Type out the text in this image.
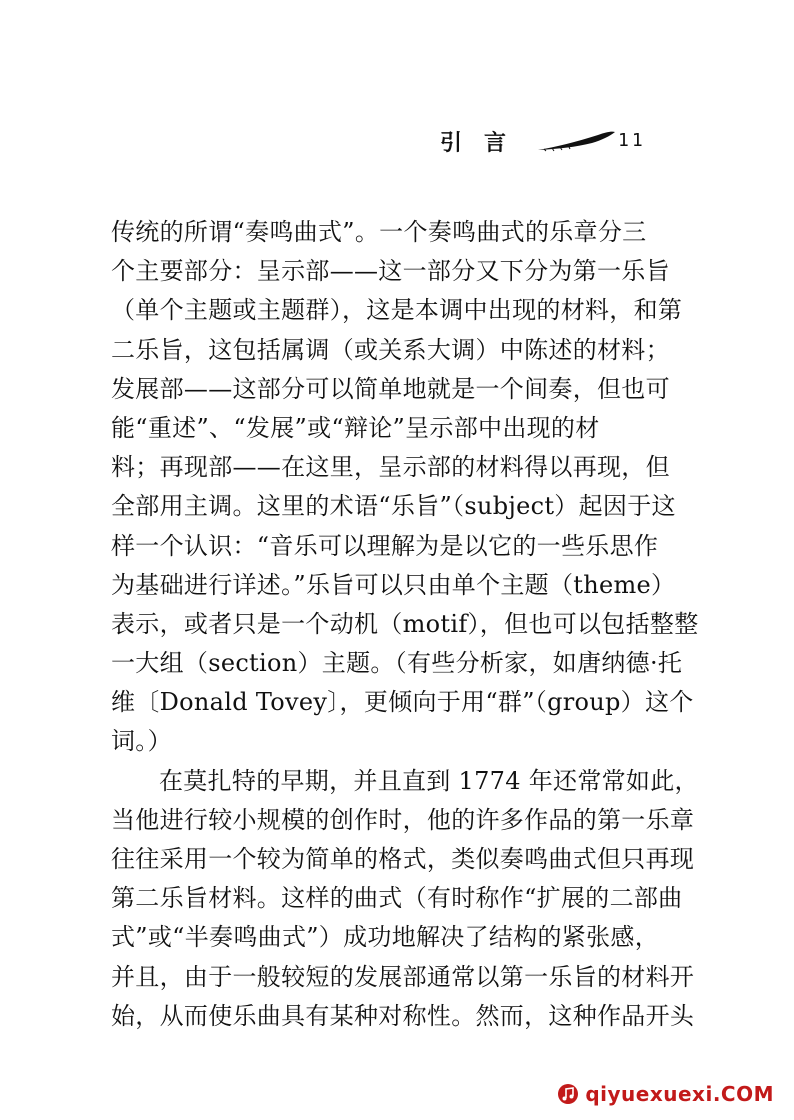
引言	11
传统的所谓“奏鸣曲式”。一个奏鸣曲式的乐章分三
个主要部分：呈示部——这一部分又下分为第一乐旨
（单个主题或主题群），这是本调中出现的材料，和第
二乐旨，这包括属调（或关系大调）中陈述的材料；
发展部——这部分可以简单地就是一个间奏，但也可
能“重述”、“发展”或“辩论”呈示部中出现的材
料；再现部——在这里，呈示部的材料得以再现，但
全部用主调。这里的术语“乐旨”（subject）起因于这
样一个认识：“音乐可以理解为是以它的一些乐思作
为基础进行详述。”乐旨可以只由单个主题（theme）
表示，或者只是一个动机（motif），但也可以包括整整
一大组（section）主题。（有些分析家，如唐纳德·托
维〔Donald Tovey〕，更倾向于用“群”（group）这个
词。）
在莫扎特的早期，并且直到 1774 年还常常如此，
当他进行较小规模的创作时，他的许多作品的第一乐章
往往采用一个较为简单的格式，类似奏鸣曲式但只再现
第二乐旨材料。这样的曲式（有时称作“扩展的二部曲
式”或“半奏鸣曲式”）成功地解决了结构的紧张感，
并且，由于一般较短的发展部通常以第一乐旨的材料开
始，从而使乐曲具有某种对称性。然而，这种作品开头
qiyuexuexi.COM
